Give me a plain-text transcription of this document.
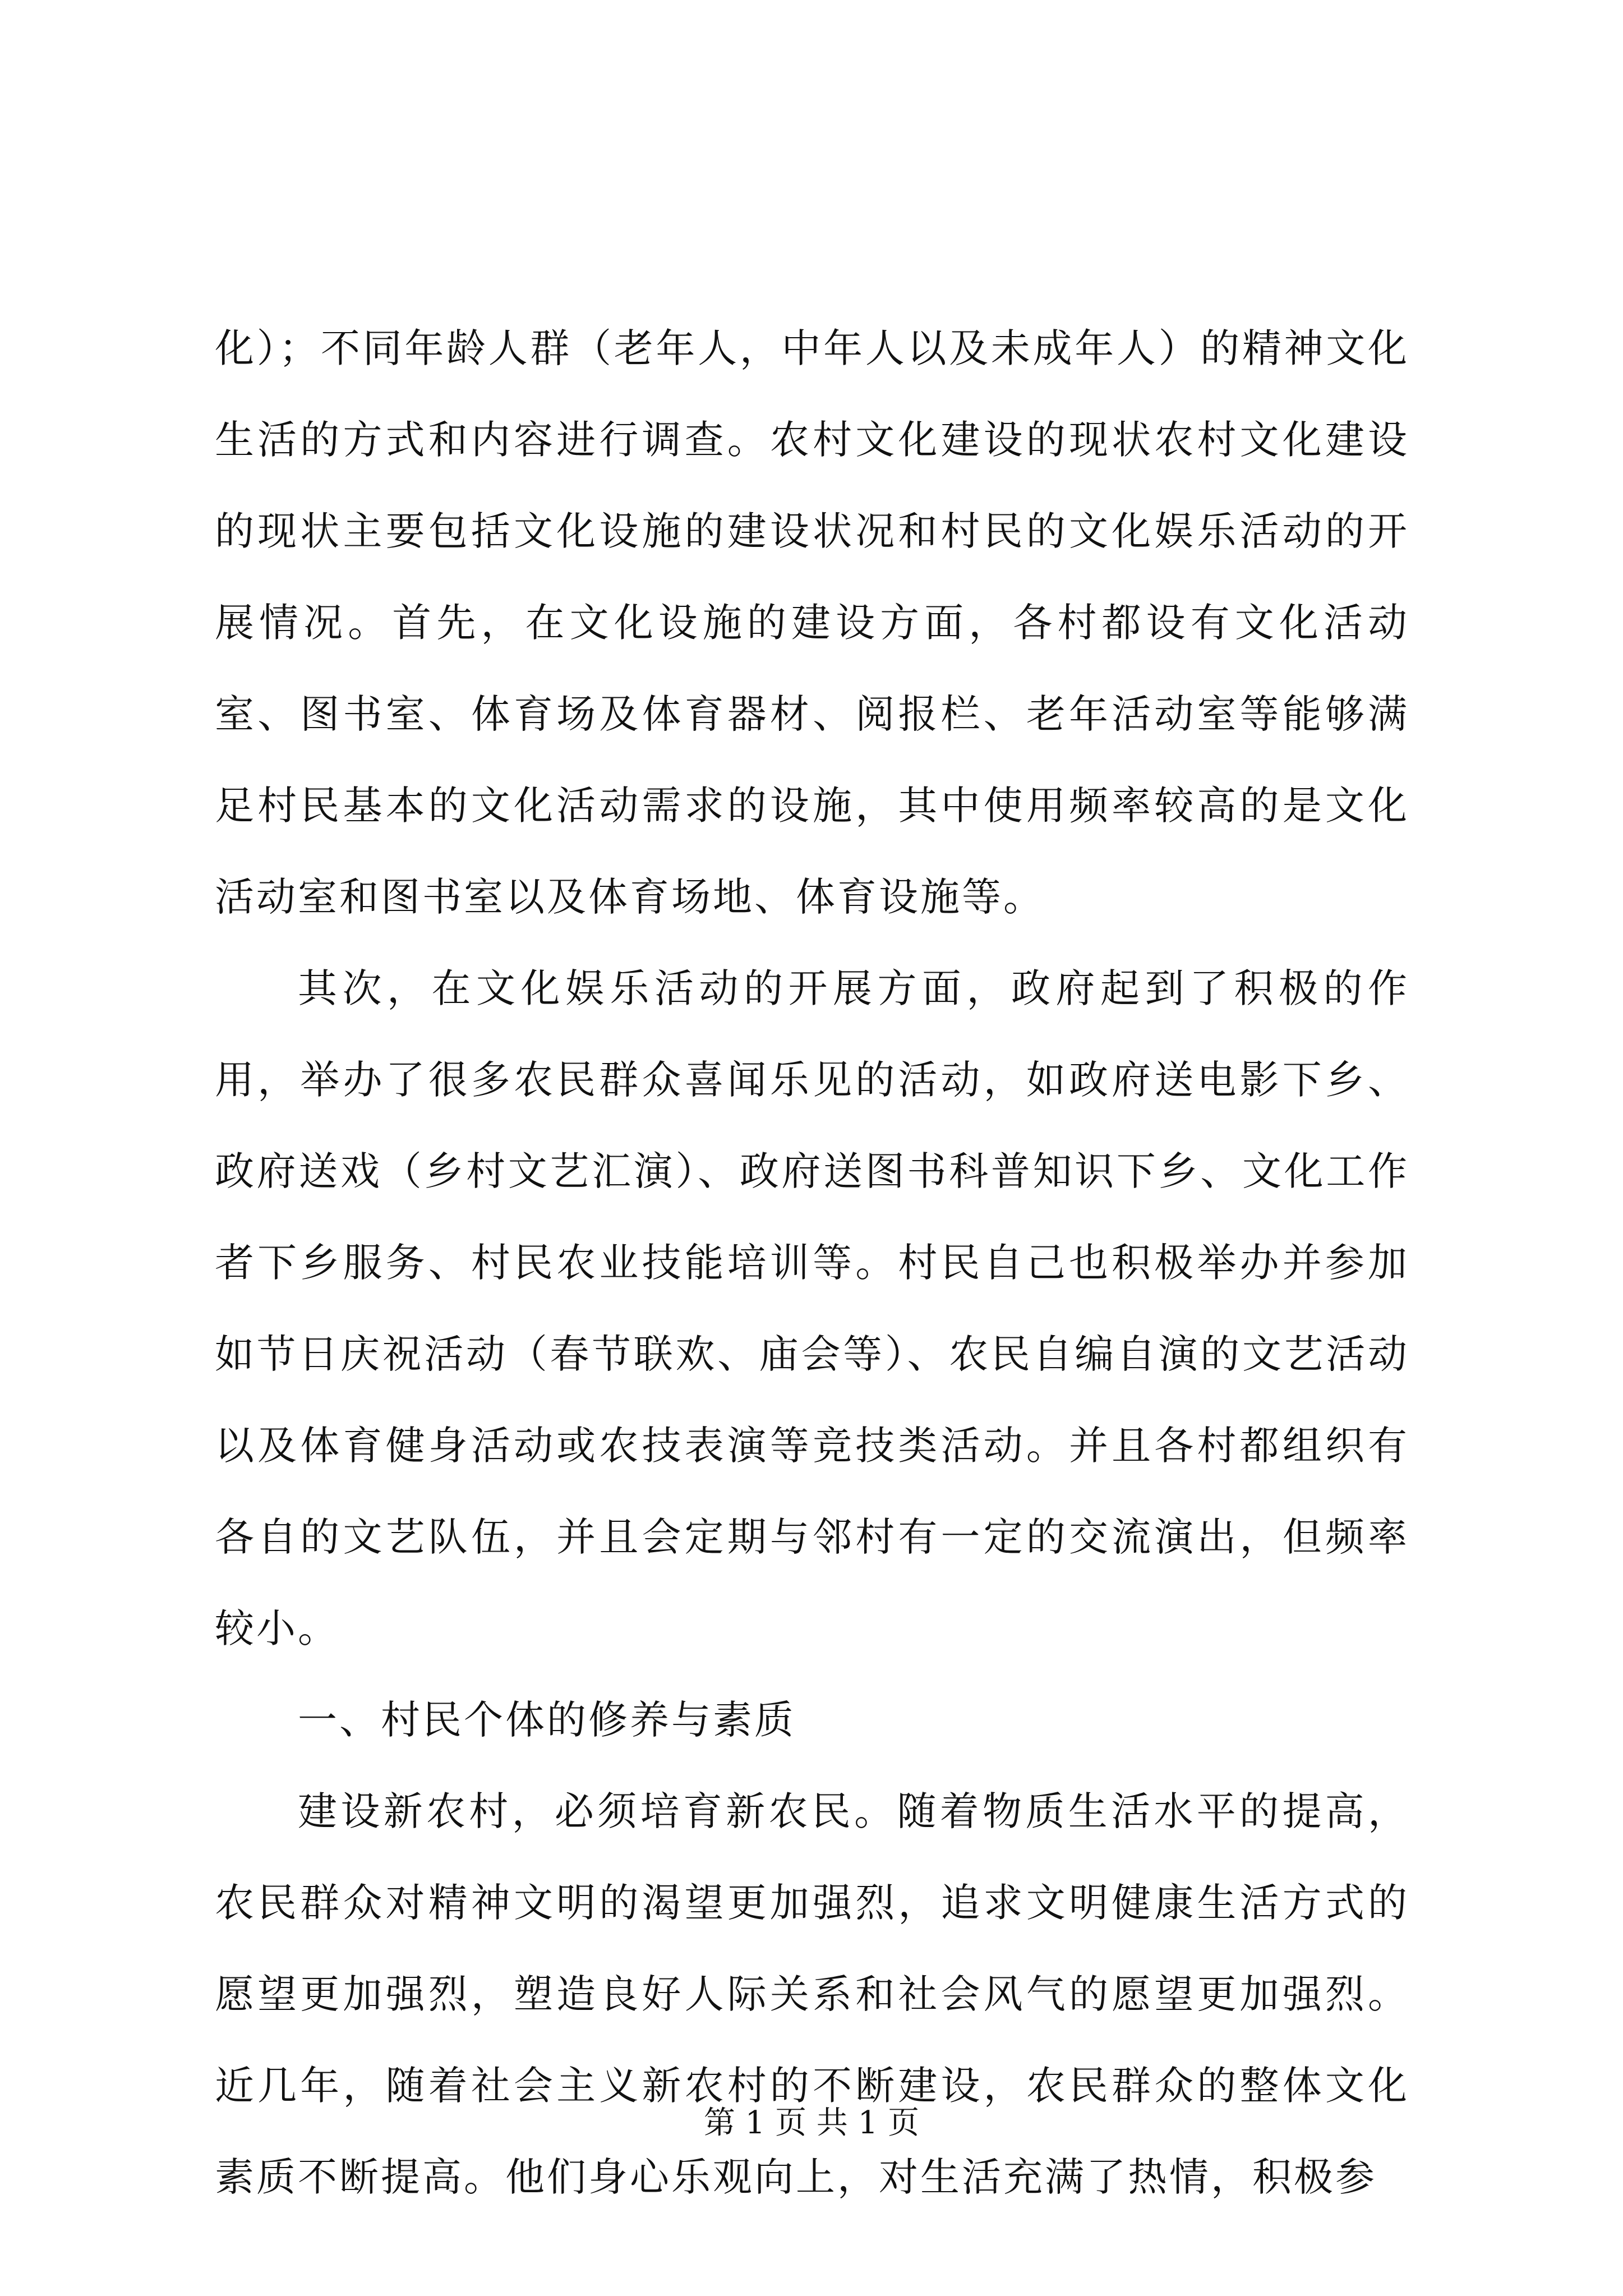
化）；不同年龄人群（老年人，中年人以及未成年人）的精神文化生活的方式和内容进行调查。农村文化建设的现状农村文化建设的现状主要包括文化设施的建设状况和村民的文化娱乐活动的开展情况。首先，在文化设施的建设方面，各村都设有文化活动室、图书室、体育场及体育器材、阅报栏、老年活动室等能够满足村民基本的文化活动需求的设施，其中使用频率较高的是文化活动室和图书室以及体育场地、体育设施等。

其次，在文化娱乐活动的开展方面，政府起到了积极的作用，举办了很多农民群众喜闻乐见的活动，如政府送电影下乡、政府送戏（乡村文艺汇演）、政府送图书科普知识下乡、文化工作者下乡服务、村民农业技能培训等。村民自己也积极举办并参加如节日庆祝活动（春节联欢、庙会等）、农民自编自演的文艺活动以及体育健身活动或农技表演等竞技类活动。并且各村都组织有各自的文艺队伍，并且会定期与邻村有一定的交流演出，但频率较小。

一、村民个体的修养与素质

建设新农村，必须培育新农民。随着物质生活水平的提高，农民群众对精神文明的渴望更加强烈，追求文明健康生活方式的愿望更加强烈，塑造良好人际关系和社会风气的愿望更加强烈。近几年，随着社会主义新农村的不断建设，农民群众的整体文化素质不断提高。他们身心乐观向上，对生活充满了热情，积极参

第 1 页 共 1 页
